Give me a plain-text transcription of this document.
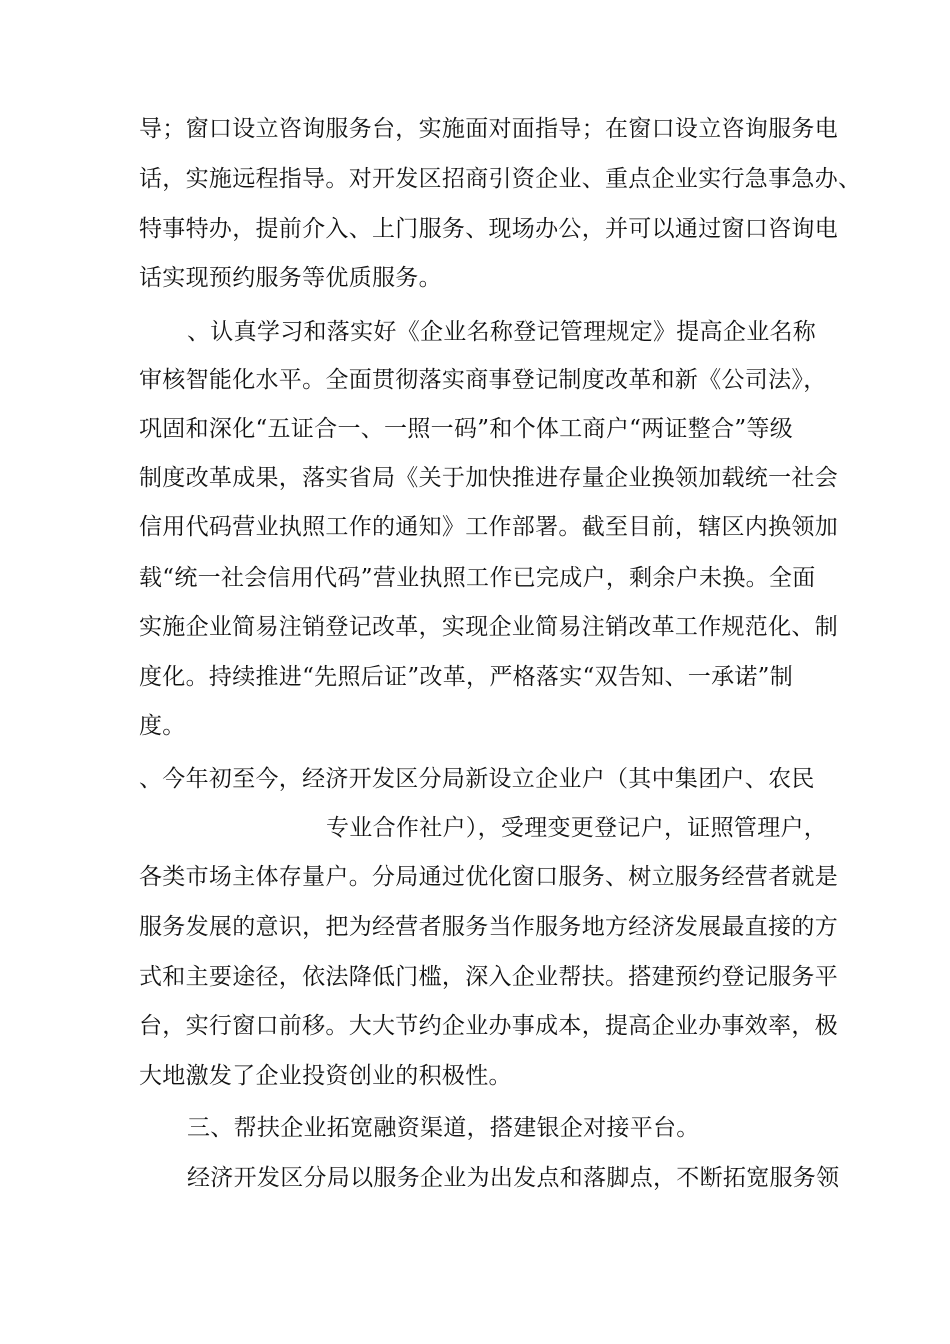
导；窗口设立咨询服务台，实施面对面指导；在窗口设立咨询服务电
话，实施远程指导。对开发区招商引资企业、重点企业实行急事急办、
特事特办，提前介入、上门服务、现场办公，并可以通过窗口咨询电
话实现预约服务等优质服务。
、认真学习和落实好《企业名称登记管理规定》提高企业名称
审核智能化水平。全面贯彻落实商事登记制度改革和新《公司法》，
巩固和深化“五证合一、一照一码”和个体工商户“两证整合”等级
制度改革成果，落实省局《关于加快推进存量企业换领加载统一社会
信用代码营业执照工作的通知》工作部署。截至目前，辖区内换领加
载“统一社会信用代码”营业执照工作已完成户，剩余户未换。全面
实施企业简易注销登记改革，实现企业简易注销改革工作规范化、制
度化。持续推进“先照后证”改革，严格落实“双告知、一承诺”制
度。
、今年初至今，经济开发区分局新设立企业户（其中集团户、农民
专业合作社户），受理变更登记户，证照管理户，
各类市场主体存量户。分局通过优化窗口服务、树立服务经营者就是
服务发展的意识，把为经营者服务当作服务地方经济发展最直接的方
式和主要途径，依法降低门槛，深入企业帮扶。搭建预约登记服务平
台，实行窗口前移。大大节约企业办事成本，提高企业办事效率，极
大地激发了企业投资创业的积极性。
三、帮扶企业拓宽融资渠道，搭建银企对接平台。
经济开发区分局以服务企业为出发点和落脚点，不断拓宽服务领
